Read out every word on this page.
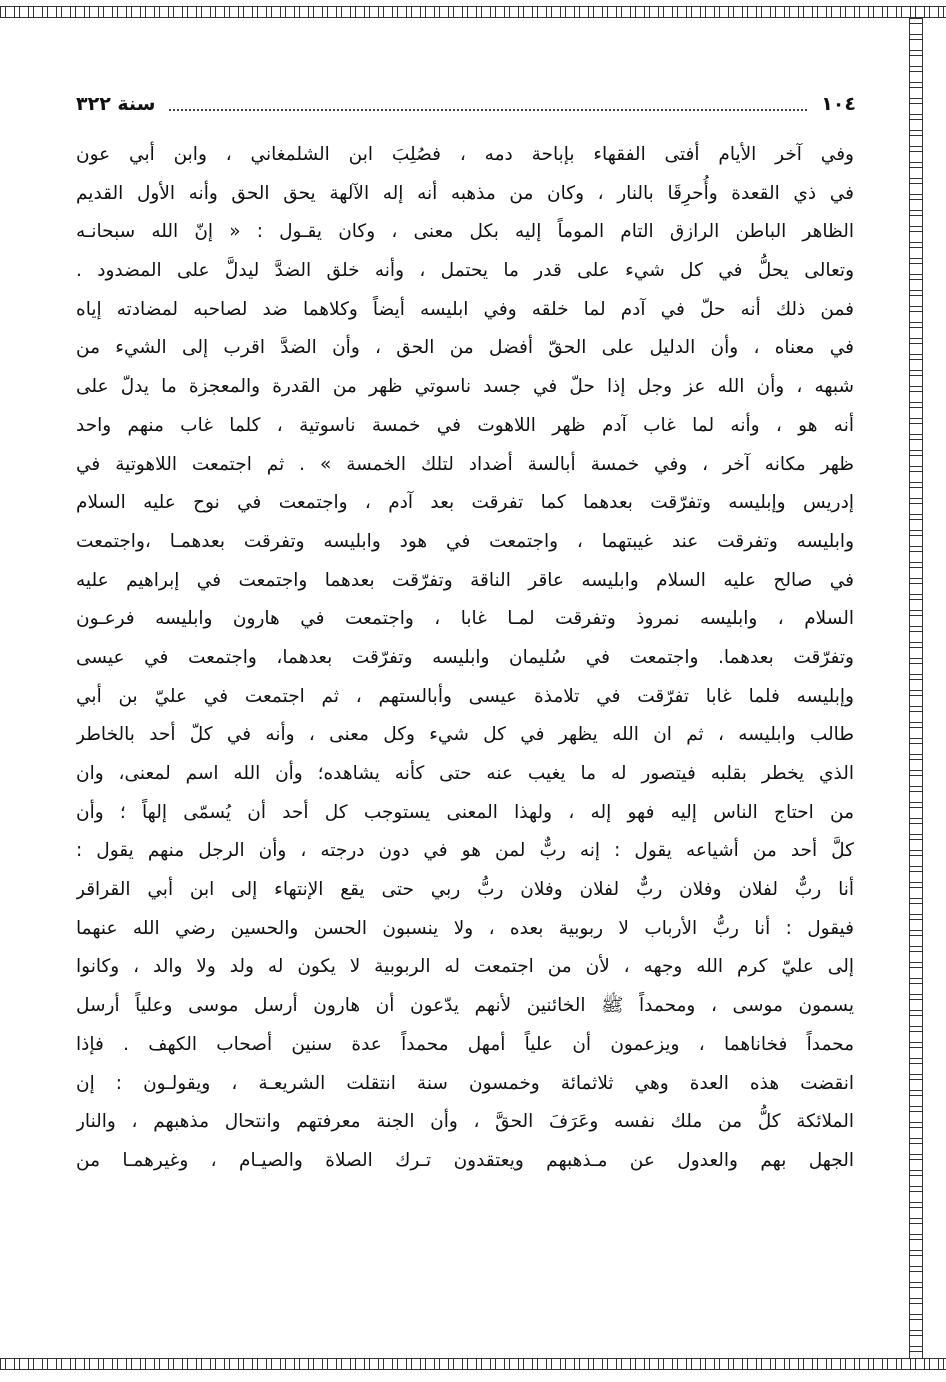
١٠٤
سنة ٣٢٢
وفي آخر الأيام أفتى الفقهاء بإباحة دمه ، فصُلِبَ ابن الشلمغاني ، وابن أبي عون
في ذي القعدة وأُحرِقَا بالنار ، وكان من مذهبه أنه إله الآلهة يحق الحق وأنه الأول القديم
الظاهر الباطن الرازق التام الموماً إليه بكل معنى ، وكان يقـول : « إنّ الله سبحانـه
وتعالى يحلُّ في كل شيء على قدر ما يحتمل ، وأنه خلق الضدَّ ليدلَّ على المضدود .
فمن ذلك أنه حلّ في آدم لما خلقه وفي ابليسه أيضاً وكلاهما ضد لصاحبه لمضادته إياه
في معناه ، وأن الدليل على الحقّ أفضل من الحق ، وأن الضدَّ اقرب إلى الشيء من
شبهه ، وأن الله عز وجل إذا حلّ في جسد ناسوتي ظهر من القدرة والمعجزة ما يدلّ على
أنه هو ، وأنه لما غاب آدم ظهر اللاهوت في خمسة ناسوتية ، كلما غاب منهم واحد
ظهر مكانه آخر ، وفي خمسة أبالسة أضداد لتلك الخمسة » . ثم اجتمعت اللاهوتية في
إدريس وإبليسه وتفرّقت بعدهما كما تفرقت بعد آدم ، واجتمعت في نوح عليه السلام
وابليسه وتفرقت عند غيبتهما ، واجتمعت في هود وابليسه وتفرقت بعدهمـا ،واجتمعت
في صالح عليه السلام وابليسه عاقر الناقة وتفرّقت بعدهما واجتمعت في إبراهيم عليه
السلام ، وابليسه نمروذ وتفرقت لمـا غابا ، واجتمعت في هارون وابليسه فرعـون
وتفرّقت بعدهما. واجتمعت في سُليمان وابليسه وتفرّقت بعدهما، واجتمعت في عيسى
وإبليسه فلما غابا تفرّقت في تلامذة عيسى وأبالستهم ، ثم اجتمعت في عليّ بن أبي
طالب وابليسه ، ثم ان الله يظهر في كل شيء وكل معنى ، وأنه في كلّ أحد بالخاطر
الذي يخطر بقلبه فيتصور له ما يغيب عنه حتى كأنه يشاهده؛ وأن الله اسم لمعنى، وان
من احتاج الناس إليه فهو إله ، ولهذا المعنى يستوجب كل أحد أن يُسمّى إلهاً ؛ وأن
كلَّ أحد من أشياعه يقول : إنه ربٌّ لمن هو في دون درجته ، وأن الرجل منهم يقول :
أنا ربٌّ لفلان وفلان ربٌّ لفلان وفلان ربُّ ربي حتى يقع الإنتهاء إلى ابن أبي القراقر
فيقول : أنا ربُّ الأرباب لا ربوبية بعده ، ولا ينسبون الحسن والحسين رضي الله عنهما
إلى عليّ كرم الله وجهه ، لأن من اجتمعت له الربوبية لا يكون له ولد ولا والد ، وكانوا
يسمون موسى ، ومحمداً ﷺ الخائنين لأنهم يدّعون أن هارون أرسل موسى وعلياً أرسل
محمداً فخاناهما ، ويزعمون أن علياً أمهل محمداً عدة سنين أصحاب الكهف . فإذا
انقضت هذه العدة وهي ثلاثمائة وخمسون سنة انتقلت الشريعـة ، ويقولـون : إن
الملائكة كلُّ من ملك نفسه وعَرَفَ الحقَّ ، وأن الجنة معرفتهم وانتحال مذهبهم ، والنار
الجهل بهم والعدول عن مـذهبهم ويعتقدون تـرك الصلاة والصيـام ، وغيرهمـا من
